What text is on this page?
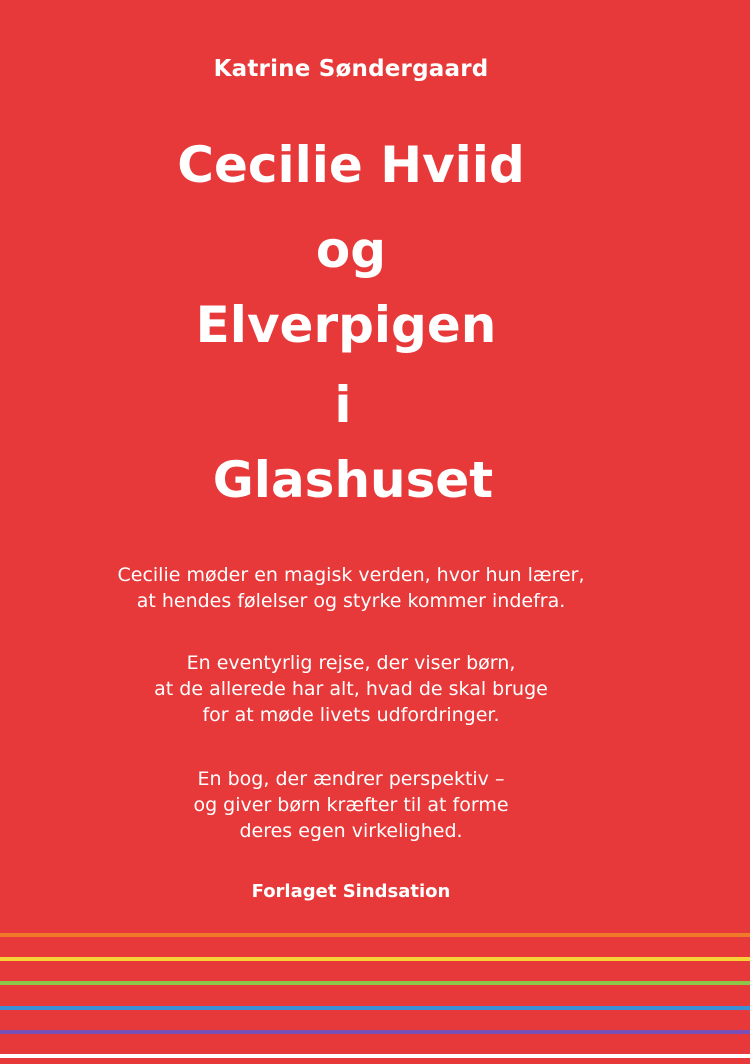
Katrine Søndergaard
Cecilie Hviid
og
Elverpigen
i
Glashuset
Cecilie møder en magisk verden, hvor hun lærer,
at hendes følelser og styrke kommer indefra.
En eventyrlig rejse, der viser børn,
at de allerede har alt, hvad de skal bruge
for at møde livets udfordringer.
En bog, der ændrer perspektiv –
og giver børn kræfter til at forme
deres egen virkelighed.
Forlaget Sindsation
